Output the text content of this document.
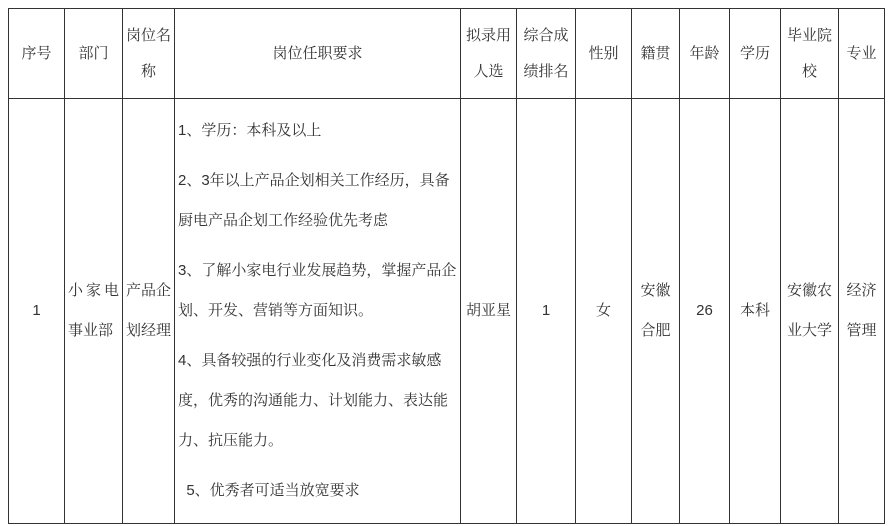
序号	部门	岗位名称	岗位任职要求	拟录用人选	综合成绩排名	性别	籍贯	年龄	学历	毕业院校	专业
1	小家电事业部	产品企划经理	1、学历：本科及以上

2、3年以上产品企划相关工作经历，具备厨电产品企划工作经验优先考虑

3、了解小家电行业发展趋势，掌握产品企划、开发、营销等方面知识。

4、具备较强的行业变化及消费需求敏感度，优秀的沟通能力、计划能力、表达能力、抗压能力。

5、优秀者可适当放宽要求	胡亚星	1	女	安徽合肥	26	本科	安徽农业大学	经济管理
